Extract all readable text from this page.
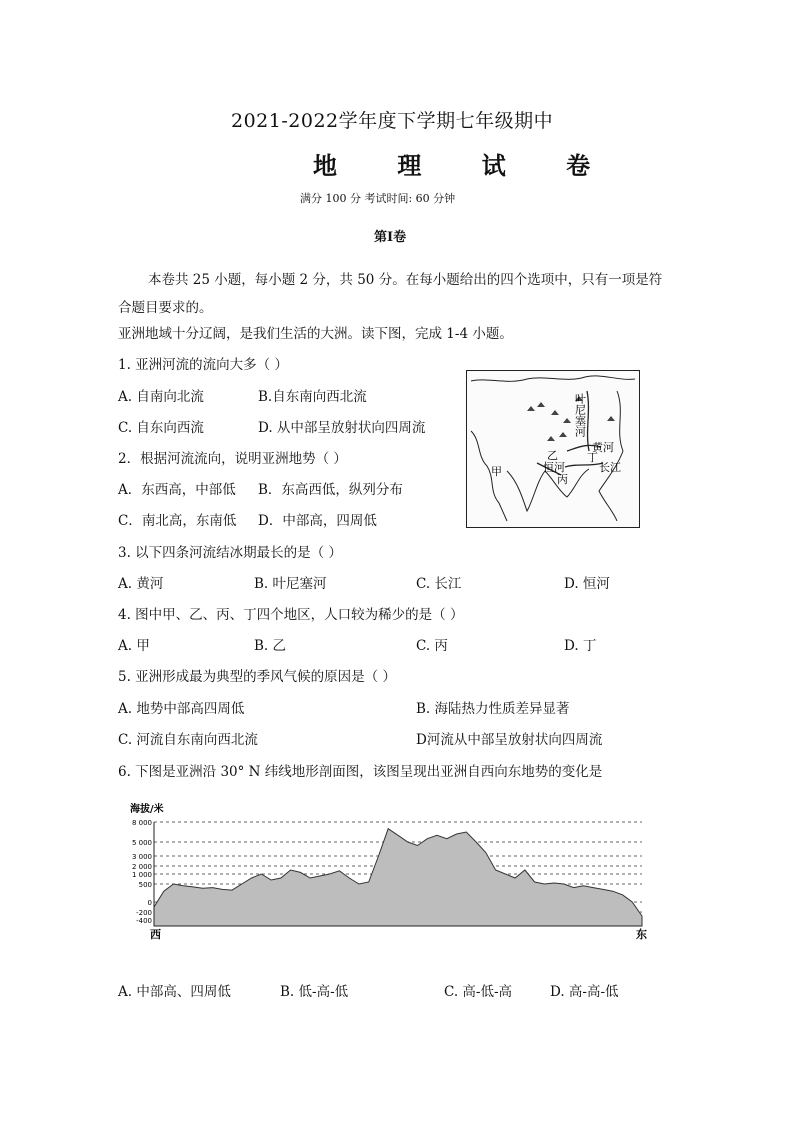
2021-2022学年度下学期七年级期中
地 理 试 卷
满分 100 分 考试时间: 60 分钟
第Ⅰ卷
本卷共 25 小题，每小题 2 分，共 50 分。在每小题给出的四个选项中，只有一项是符
合题目要求的。
亚洲地域十分辽阔，是我们生活的大洲。读下图，完成 1-4 小题。
1. 亚洲河流的流向大多（ ）
A. 自南向北流	B.自东南向西北流
C. 自东向西流	D. 从中部呈放射状向四周流
2．根据河流流向，说明亚洲地势（ ）
A．东西高，中部低 B．东高西低，纵列分布
C．南北高，东南低 D．中部高，四周低
叶尼塞河
黄河
长江
恒河
甲
乙
丙
丁
3. 以下四条河流结冰期最长的是（ ）
A. 黄河	B. 叶尼塞河	C. 长江	D. 恒河
4. 图中甲、乙、丙、丁四个地区，人口较为稀少的是（ ）
A. 甲	B. 乙	C. 丙	D. 丁
5. 亚洲形成最为典型的季风气候的原因是（ ）
A. 地势中部高四周低	B. 海陆热力性质差异显著
C. 河流自东南向西北流	D河流从中部呈放射状向四周流
6. 下图是亚洲沿 30° N 纬线地形剖面图，该图呈现出亚洲自西向东地势的变化是
海拔/米
8 000
5 000
3 000
2 000
1 000
500
0
-200
-400
西	东
A. 中部高、四周低	B. 低-高-低	C. 高-低-高	D. 高-高-低
